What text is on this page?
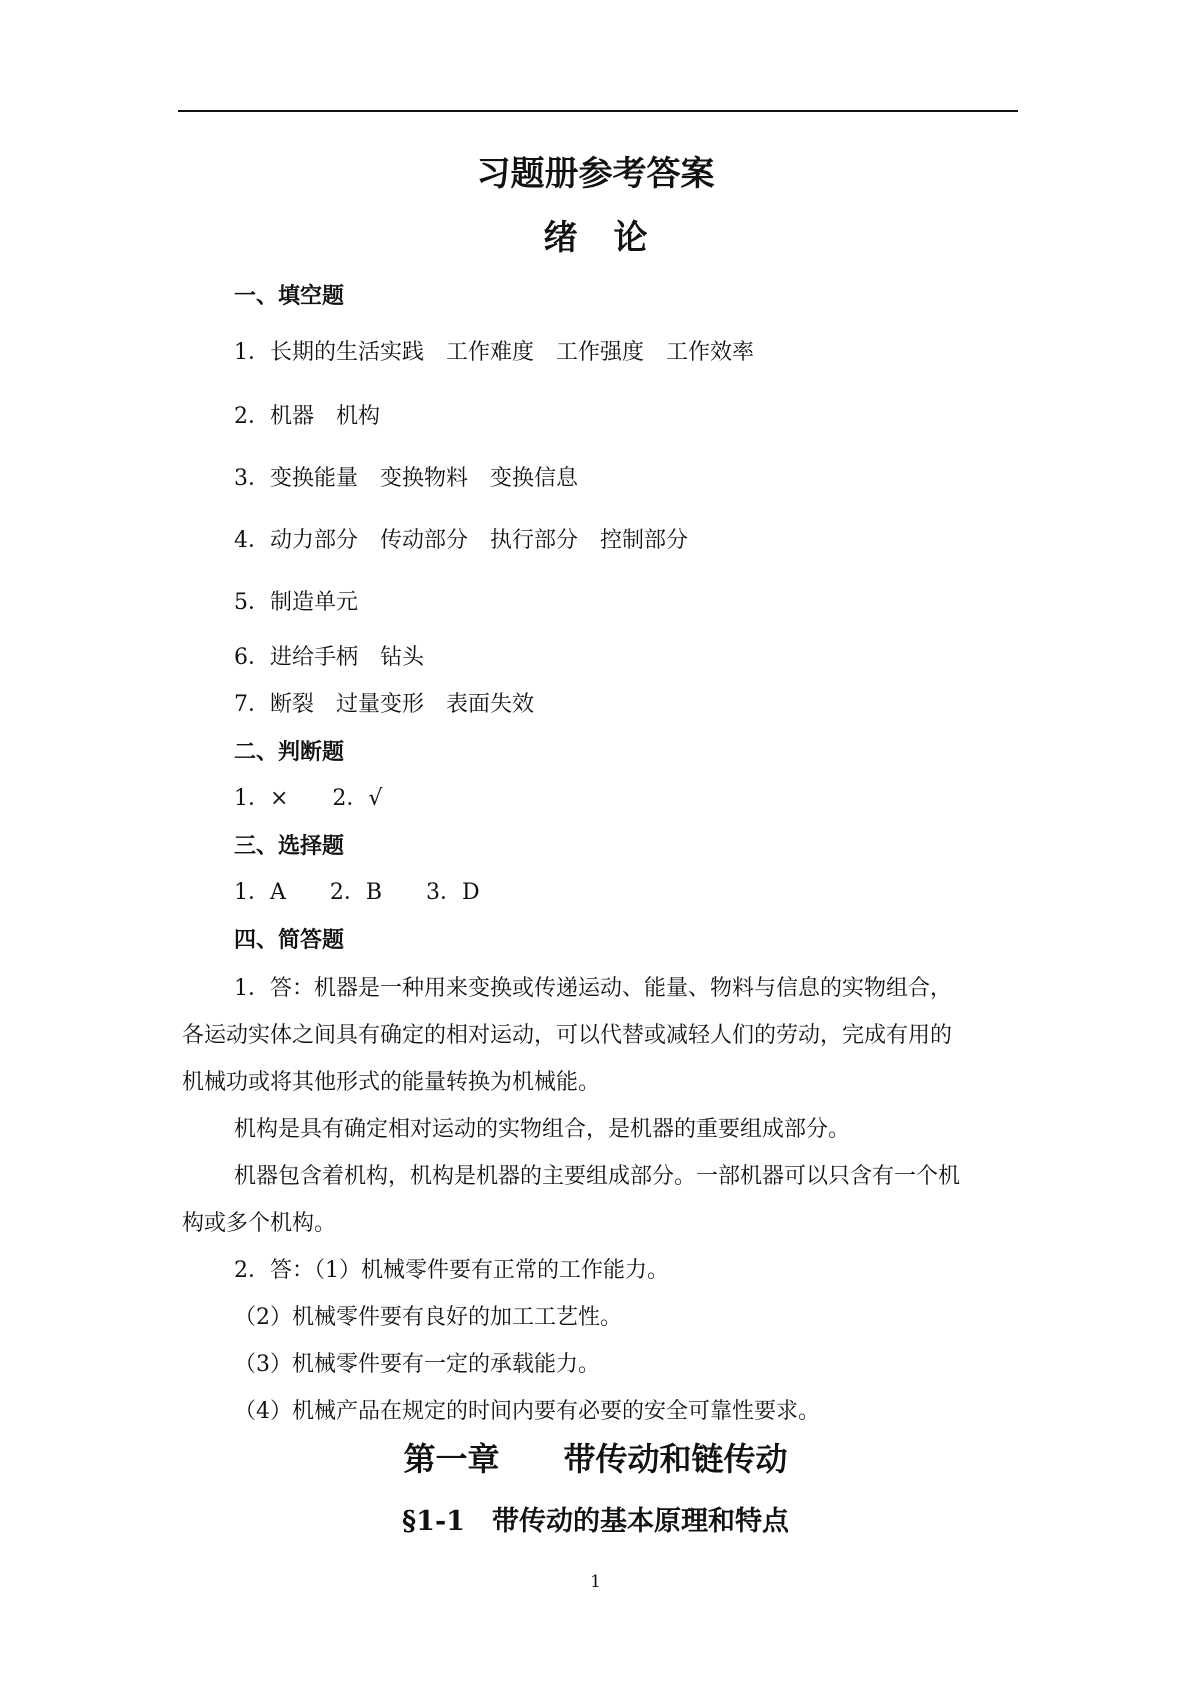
习题册参考答案
绪论
一、填空题
1．长期的生活实践　工作难度　工作强度　工作效率
2．机器　机构
3．变换能量　变换物料　变换信息
4．动力部分　传动部分　执行部分　控制部分
5．制造单元
6．进给手柄　钻头
7．断裂　过量变形　表面失效
二、判断题
1．×　　2．√
三、选择题
1．A　　2．B　　3．D
四、简答题
1．答：机器是一种用来变换或传递运动、能量、物料与信息的实物组合，
各运动实体之间具有确定的相对运动，可以代替或减轻人们的劳动，完成有用的
机械功或将其他形式的能量转换为机械能。
机构是具有确定相对运动的实物组合，是机器的重要组成部分。
机器包含着机构，机构是机器的主要组成部分。一部机器可以只含有一个机
构或多个机构。
2．答：（1）机械零件要有正常的工作能力。
（2）机械零件要有良好的加工工艺性。
（3）机械零件要有一定的承载能力。
（4）机械产品在规定的时间内要有必要的安全可靠性要求。
第一章　　带传动和链传动
§1-1　带传动的基本原理和特点
1
